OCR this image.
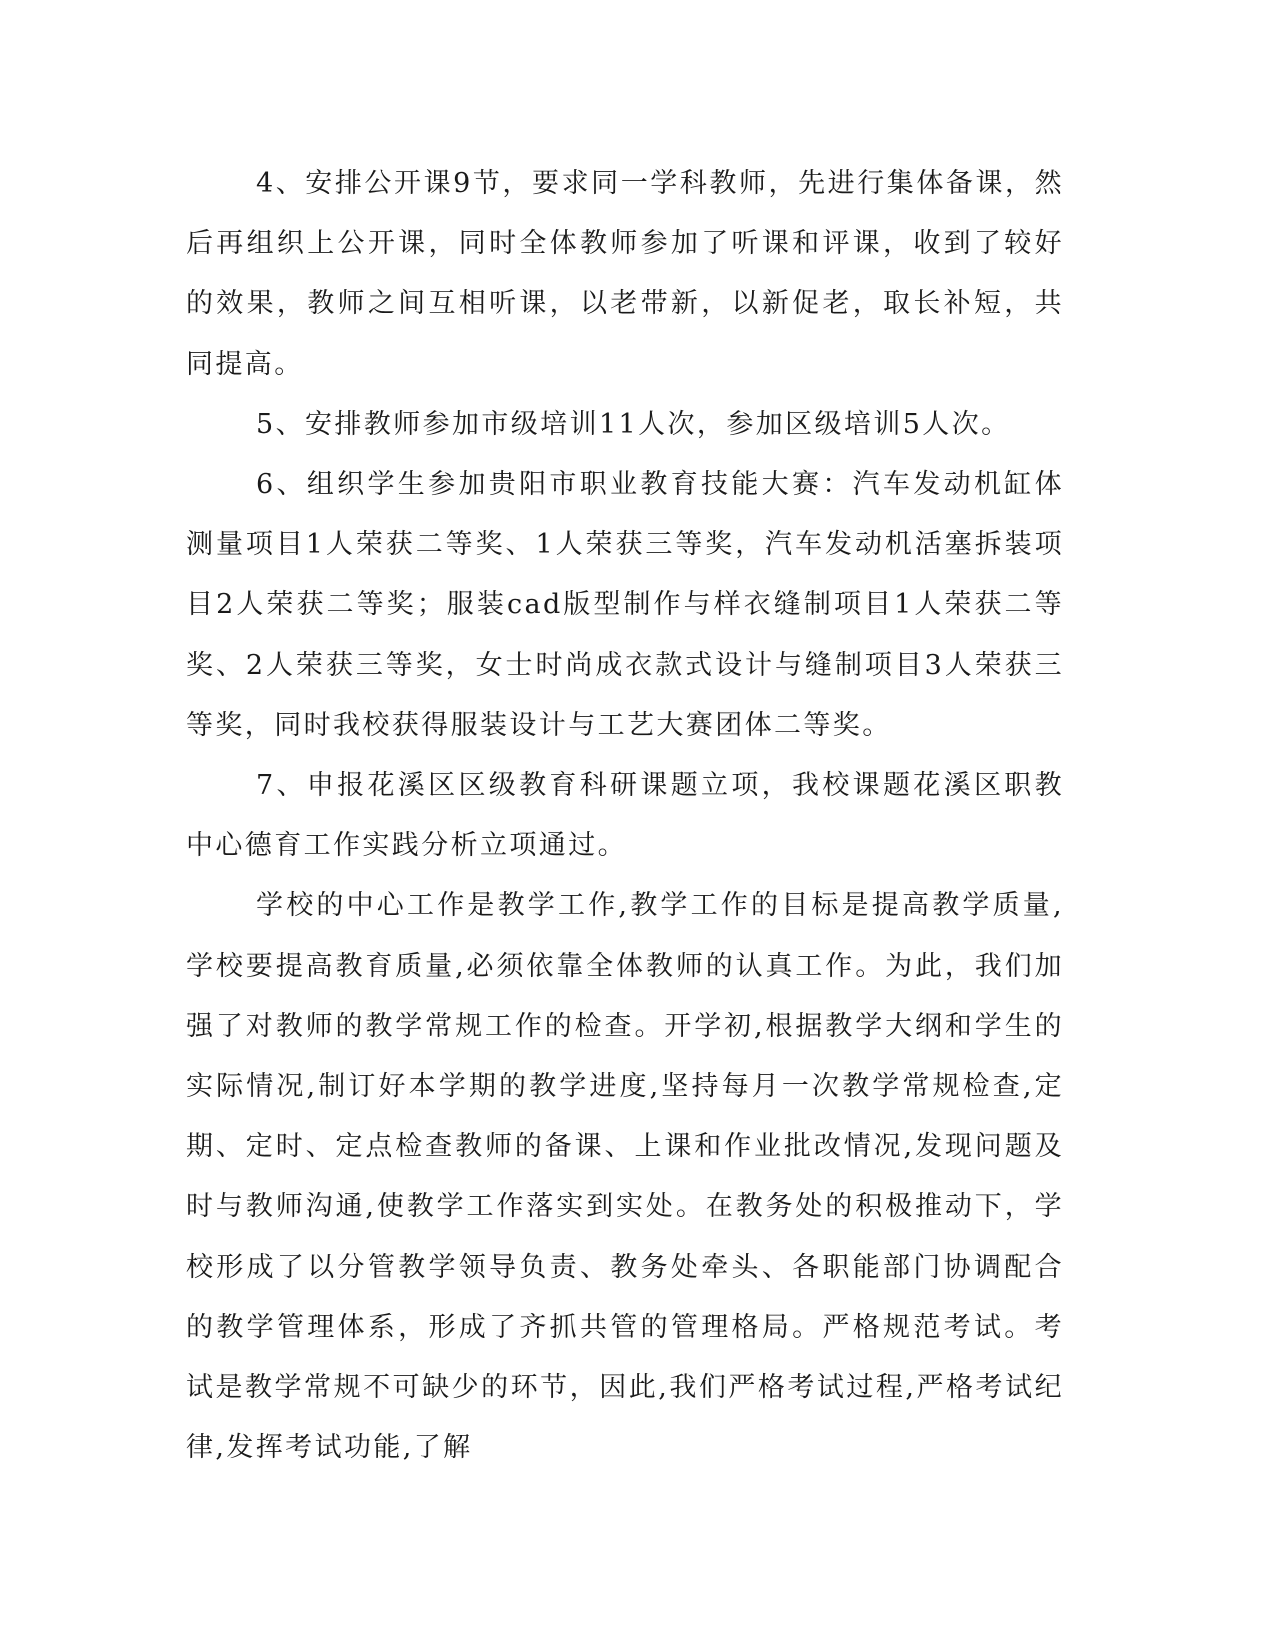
4、安排公开课9节，要求同一学科教师，先进行集体备课，然后再组织上公开课，同时全体教师参加了听课和评课，收到了较好的效果，教师之间互相听课，以老带新，以新促老，取长补短，共同提高。

5、安排教师参加市级培训11人次，参加区级培训5人次。

6、组织学生参加贵阳市职业教育技能大赛：汽车发动机缸体测量项目1人荣获二等奖、1人荣获三等奖，汽车发动机活塞拆装项目2人荣获二等奖；服装cad版型制作与样衣缝制项目1人荣获二等奖、2人荣获三等奖，女士时尚成衣款式设计与缝制项目3人荣获三等奖，同时我校获得服装设计与工艺大赛团体二等奖。

7、申报花溪区区级教育科研课题立项，我校课题花溪区职教中心德育工作实践分析立项通过。

学校的中心工作是教学工作,教学工作的目标是提高教学质量,学校要提高教育质量,必须依靠全体教师的认真工作。为此，我们加强了对教师的教学常规工作的检查。开学初,根据教学大纲和学生的实际情况,制订好本学期的教学进度,坚持每月一次教学常规检查,定期、定时、定点检查教师的备课、上课和作业批改情况,发现问题及时与教师沟通,使教学工作落实到实处。在教务处的积极推动下，学校形成了以分管教学领导负责、教务处牵头、各职能部门协调配合的教学管理体系，形成了齐抓共管的管理格局。严格规范考试。考试是教学常规不可缺少的环节，因此,我们严格考试过程,严格考试纪律,发挥考试功能,了解
